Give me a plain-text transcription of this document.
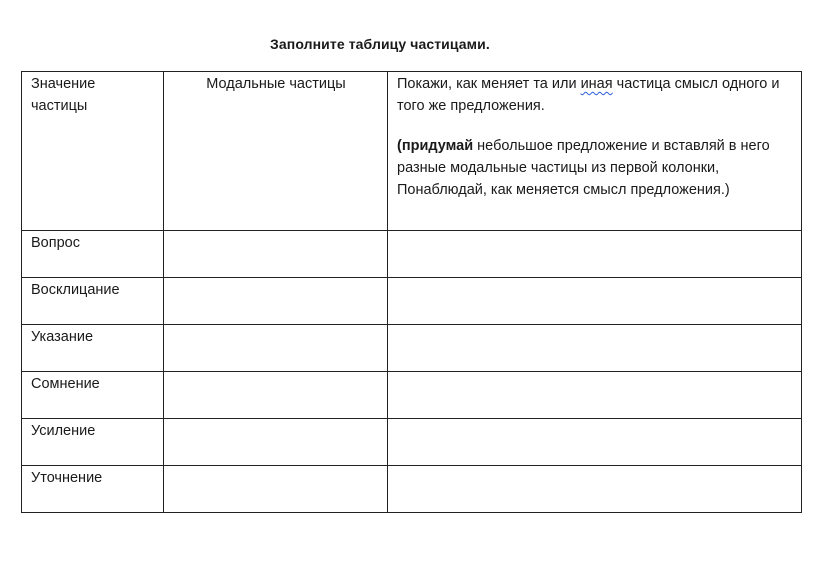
Заполните таблицу частицами.
Значение частицы	Модальные частицы	Покажи, как меняет та или иная частица смысл одного и того же предложения.

(придумай небольшое предложение и вставляй в него разные модальные частицы из первой колонки, Понаблюдай, как меняется смысл предложения.)

Вопрос		
Восклицание		
Указание		
Сомнение		
Усиление		
Уточнение		
